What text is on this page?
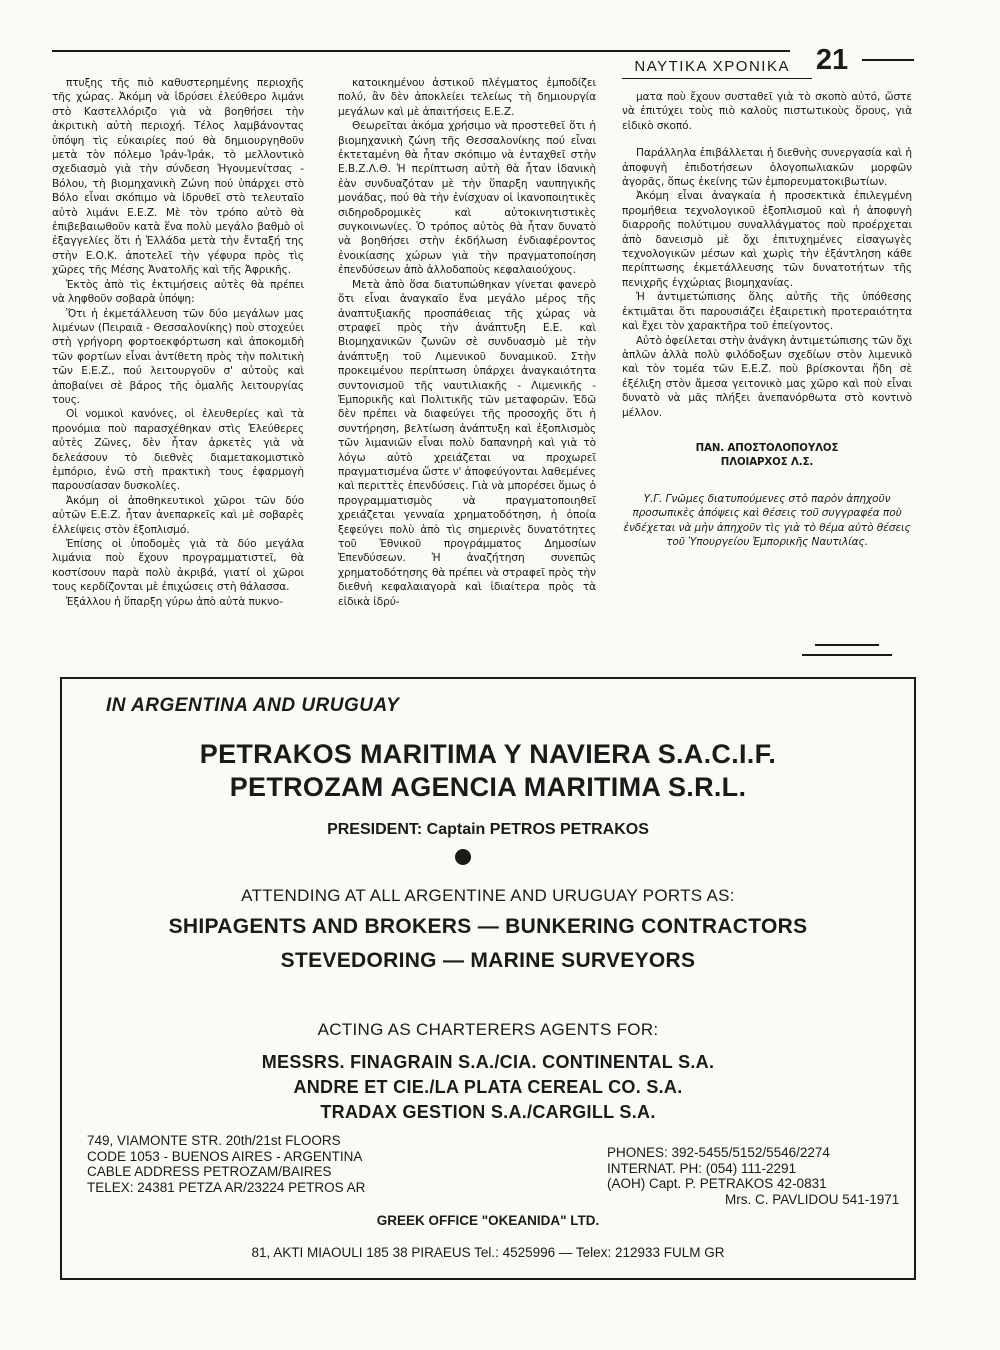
ΝΑΥΤΙΚΑ ΧΡΟΝΙΚΑ 21

πτυξης τῆς πιὸ καθυστερημένης περιοχῆς τῆς χώρας. Ἀκόμη νὰ ἱδρύσει ἐλεύθερο λιμάνι στὸ Καστελλόριζο γιὰ νὰ βοηθήσει τὴν ἀκριτικὴ αὐτὴ περιοχή. Τέλος λαμβάνοντας ὑπόψη τὶς εὐκαιρίες πού θὰ δημιουργηθοῦν μετὰ τὸν πόλεμο Ἰράν-Ἰράκ, τὸ μελλοντικὸ σχεδιασμὸ γιὰ τὴν σύνδεση Ἡγουμενίτσας - Βόλου, τὴ βιομηχανικὴ Ζώνη πού ὑπάρχει στὸ Βόλο εἶναι σκόπιμο νὰ ἱδρυθεῖ στὸ τελευταῖο αὐτὸ λιμάνι Ε.Ε.Ζ. Μὲ τὸν τρόπο αὐτὸ θὰ ἐπιβεβαιωθοῦν κατὰ ἕνα πολὺ μεγάλο βαθμὸ οἱ ἐξαγγελίες ὅτι ἡ Ἑλλάδα μετὰ τὴν ἔνταξή της στὴν Ε.Ο.Κ. ἀποτελεῖ τὴν γέφυρα πρὸς τὶς χῶρες τῆς Μέσης Ἀνατολῆς καὶ τῆς Ἀφρικῆς.

Ἐκτὸς ἀπὸ τὶς ἐκτιμήσεις αὐτὲς θὰ πρέπει νὰ ληφθοῦν σοβαρὰ ὑπόψη:

Ὅτι ἡ ἐκμετάλλευση τῶν δύο μεγάλων μας λιμένων (Πειραιᾶ - Θεσσαλονίκης) ποὺ στοχεύει στὴ γρήγορη φορτοεκφόρτωση καὶ ἀποκομιδὴ τῶν φορτίων εἶναι ἀντίθετη πρὸς τὴν πολιτικὴ τῶν Ε.Ε.Ζ., πού λειτουργοῦν σ' αὐτοὺς καὶ ἀποβαίνει σὲ βάρος τῆς ὁμαλῆς λειτουργίας τους.

Οἱ νομικοὶ κανόνες, οἱ ἐλευθερίες καὶ τὰ προνόμια ποὺ παρασχέθηκαν στὶς Ἐλεύθερες αὐτὲς Ζῶνες, δὲν ἦταν ἀρκετὲς γιὰ νὰ δελεάσουν τὸ διεθνὲς διαμετακομιστικὸ ἐμπόριο, ἐνῶ στὴ πρακτικὴ τους ἐφαρμογὴ παρουσίασαν δυσκολίες.

Ἀκόμη οἱ ἀποθηκευτικοὶ χῶροι τῶν δύο αὐτῶν Ε.Ε.Ζ. ἦταν ἀνεπαρκεῖς καὶ μὲ σοβαρὲς ἐλλείψεις στὸν ἐξοπλισμό.

Ἐπίσης οἱ ὑποδομὲς γιὰ τὰ δύο μεγάλα λιμάνια ποὺ ἔχουν προγραμματιστεῖ, θὰ κοστίσουν παρὰ πολὺ ἀκριβά, γιατί οἱ χῶροι τους κερδίζονται μὲ ἐπιχώσεις στὴ θάλασσα.

Ἐξάλλου ἡ ὕπαρξη γύρω ἀπὸ αὐτὰ πυκνο-

κατοικημένου ἀστικοῦ πλέγματος ἐμποδίζει πολύ, ἂν δὲν ἀποκλείει τελείως τὴ δημιουργία μεγάλων καὶ μὲ ἀπαιτήσεις Ε.Ε.Ζ.

Θεωρεῖται ἀκόμα χρήσιμο νὰ προστεθεῖ ὅτι ἡ βιομηχανικὴ ζώνη τῆς Θεσσαλονίκης πού εἶναι ἐκτεταμένη θὰ ἦταν σκόπιμο νὰ ἐνταχθεῖ στὴν Ε.Β.Ζ.Λ.Θ. Ἡ περίπτωση αὐτὴ θὰ ἦταν ἰδανικὴ ἐὰν συνδυαζόταν μὲ τὴν ὕπαρξη ναυπηγικῆς μονάδας, πού θὰ τὴν ἐνίσχυαν οἱ ἱκανοποιητικὲς σιδηροδρομικὲς καὶ αὐτοκινητιστικὲς συγκοινωνίες. Ὁ τρόπος αὐτὸς θὰ ἦταν δυνατὸ νὰ βοηθήσει στὴν ἐκδήλωση ἐνδιαφέροντος ἐνοικίασης χώρων γιὰ τὴν πραγματοποίηση ἐπενδύσεων ἀπὸ ἀλλοδαποὺς κεφαλαιούχους.

Μετὰ ἀπὸ ὅσα διατυπώθηκαν γίνεται φανερὸ ὅτι εἶναι ἀναγκαῖο ἕνα μεγάλο μέρος τῆς ἀναπτυξιακῆς προσπάθειας τῆς χώρας νὰ στραφεῖ πρὸς τὴν ἀνάπτυξη Ε.Ε. καὶ Βιομηχανικῶν ζωνῶν σὲ συνδυασμὸ μὲ τὴν ἀνάπτυξη τοῦ Λιμενικοῦ δυναμικοῦ. Στὴν προκειμένου περίπτωση ὑπάρχει ἀναγκαιότητα συντονισμοῦ τῆς ναυτιλιακῆς - Λιμενικῆς - Ἐμπορικῆς καὶ Πολιτικῆς τῶν μεταφορῶν. Ἐδῶ δὲν πρέπει νὰ διαφεύγει τῆς προσοχῆς ὅτι ἡ συντήρηση, βελτίωση ἀνάπτυξη καὶ ἐξοπλισμὸς τῶν λιμανιῶν εἶναι πολὺ δαπανηρὴ καὶ γιὰ τὸ λόγω αὐτὸ χρειάζεται να προχωρεῖ πραγματισμένα ὥστε ν' ἀποφεύγονται λαθεμένες καὶ περιττὲς ἐπενδύσεις. Γιὰ νὰ μπορέσει ὅμως ὁ προγραμματισμὸς νὰ πραγματοποιηθεῖ χρειάζεται γενναία χρηματοδότηση, ἡ ὁποία ξεφεύγει πολὺ ἀπὸ τὶς σημερινὲς δυνατότητες τοῦ Ἐθνικοῦ προγράμματος Δημοσίων Ἐπενδύσεων. Ἡ ἀναζήτηση συνεπῶς χρηματοδότησης θὰ πρέπει νὰ στραφεῖ πρὸς τὴν διεθνὴ κεφαλαιαγορὰ καὶ ἰδιαίτερα πρὸς τὰ εἰδικὰ ἱδρύ-

ματα ποὺ ἔχουν συσταθεῖ γιὰ τὸ σκοπὸ αὐτό, ὥστε νὰ ἐπιτύχει τοὺς πιὸ καλοὺς πιστωτικοὺς ὅρους, γιὰ εἰδικὸ σκοπό.

Παράλληλα ἐπιβάλλεται ἡ διεθνὴς συνεργασία καὶ ἡ ἀποφυγὴ ἐπιδοτήσεων ὁλογοπωλιακῶν μορφῶν ἀγορᾶς, ὅπως ἐκείνης τῶν ἐμπορευματοκιβωτίων.

Ἀκόμη εἶναι ἀναγκαία ἡ προσεκτικὰ ἐπιλεγμένη προμήθεια τεχνολογικοῦ ἐξοπλισμοῦ καὶ ἡ ἀποφυγὴ διαρροῆς πολύτιμου συναλλάγματος ποὺ προέρχεται ἀπὸ δανεισμὸ μὲ ὄχι ἐπιτυχημένες εἰσαγωγὲς τεχνολογικῶν μέσων καὶ χωρὶς τὴν ἐξάντληση κάθε περίπτωσης ἐκμετάλλευσης τῶν δυνατοτήτων τῆς πενιχρῆς ἐγχώριας βιομηχανίας.

Ἡ ἀντιμετώπισης ὅλης αὐτῆς τῆς ὑπόθεσης ἐκτιμᾶται ὅτι παρουσιάζει ἐξαιρετικὴ προτεραιότητα καὶ ἔχει τὸν χαρακτῆρα τοῦ ἐπείγοντος.

Αὐτὸ ὀφείλεται στὴν ἀνάγκη ἀντιμετώπισης τῶν ὄχι ἁπλῶν ἀλλὰ πολὺ φιλόδοξων σχεδίων στὸν λιμενικὸ καὶ τὸν τομέα τῶν Ε.Ε.Ζ. ποὺ βρίσκονται ἤδη σὲ ἐξέλιξη στὸν ἄμεσα γειτονικὸ μας χῶρο καὶ ποὺ εἶναι δυνατὸ νὰ μᾶς πλήξει ἀνεπανόρθωτα στὸ κοντινὸ μέλλον.

ΠΑΝ. ΑΠΟΣΤΟΛΟΠΟΥΛΟΣ
ΠΛΟΙΑΡΧΟΣ Λ.Σ.
Υ.Γ. Γνῶμες διατυπούμενες στὸ παρὸν ἀπηχοῦν προσωπικὲς ἀπόψεις καὶ θέσεις τοῦ συγγραφέα ποὺ ἐνδέχεται νὰ μὴν ἀπηχοῦν τὶς γιὰ τὸ θέμα αὐτὸ θέσεις τοῦ Ὑπουργείου Ἐμπορικῆς Ναυτιλίας.
IN ARGENTINA AND URUGUAY
PETRAKOS MARITIMA Y NAVIERA S.A.C.I.F.
PETROZAM AGENCIA MARITIMA S.R.L.
PRESIDENT: Captain PETROS PETRAKOS
ATTENDING AT ALL ARGENTINE AND URUGUAY PORTS AS:
SHIPAGENTS AND BROKERS — BUNKERING CONTRACTORS
STEVEDORING — MARINE SURVEYORS
ACTING AS CHARTERERS AGENTS FOR:
MESSRS. FINAGRAIN S.A./CIA. CONTINENTAL S.A.
ANDRE ET CIE./LA PLATA CEREAL CO. S.A.
TRADAX GESTION S.A./CARGILL S.A.
749, VIAMONTE STR. 20th/21st FLOORS
CODE 1053 - BUENOS AIRES - ARGENTINA
CABLE ADDRESS PETROZAM/BAIRES
TELEX: 24381 PETZA AR/23224 PETROS AR
PHONES: 392-5455/5152/5546/2274
INTERNAT. PH: (054) 111-2291
(AOH) Capt. P. PETRAKOS 42-0831
Mrs. C. PAVLIDOU 541-1971
GREEK OFFICE "OKEANIDA" LTD.
81, AKTI MIAOULI 185 38 PIRAEUS Tel.: 4525996 — Telex: 212933 FULM GR
